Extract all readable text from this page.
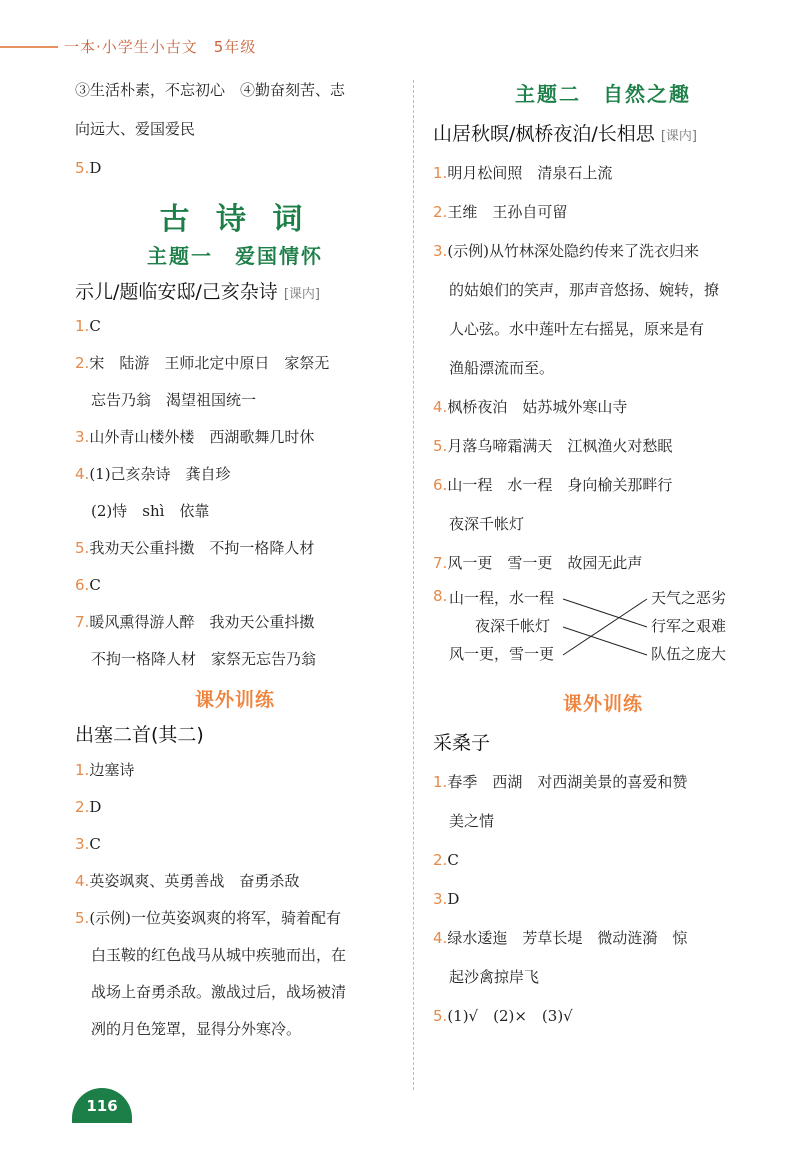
一本·小学生小古文　5年级
③生活朴素，不忘初心　④勤奋刻苦、志
向远大、爱国爱民
5.D
古 诗 词
主题一　爱国情怀
示儿/题临安邸/己亥杂诗 [课内]
1.C
2.宋　陆游　王师北定中原日　家祭无
忘告乃翁　渴望祖国统一
3.山外青山楼外楼　西湖歌舞几时休
4.(1)己亥杂诗　龚自珍
(2)恃　shì　依靠
5.我劝天公重抖擞　不拘一格降人材
6.C
7.暖风熏得游人醉　我劝天公重抖擞
不拘一格降人材　家祭无忘告乃翁
课外训练
出塞二首(其二)
1.边塞诗
2.D
3.C
4.英姿飒爽、英勇善战　奋勇杀敌
5.(示例)一位英姿飒爽的将军，骑着配有
白玉鞍的红色战马从城中疾驰而出，在
战场上奋勇杀敌。激战过后，战场被清
冽的月色笼罩，显得分外寒冷。
主题二　自然之趣
山居秋暝/枫桥夜泊/长相思 [课内]
1.明月松间照　清泉石上流
2.王维　王孙自可留
3.(示例)从竹林深处隐约传来了洗衣归来
的姑娘们的笑声，那声音悠扬、婉转，撩
人心弦。水中莲叶左右摇晃，原来是有
渔船漂流而至。
4.枫桥夜泊　姑苏城外寒山寺
5.月落乌啼霜满天　江枫渔火对愁眠
6.山一程　水一程　身向榆关那畔行
夜深千帐灯
7.风一更　雪一更　故园无此声
8. 山一程，水一程
夜深千帐灯
风一更，雪一更
天气之恶劣
行军之艰难
队伍之庞大
课外训练
采桑子
1.春季　西湖　对西湖美景的喜爱和赞
美之情
2.C
3.D
4.绿水逶迤　芳草长堤　微动涟漪　惊
起沙禽掠岸飞
5.(1)√　(2)×　(3)√
116
